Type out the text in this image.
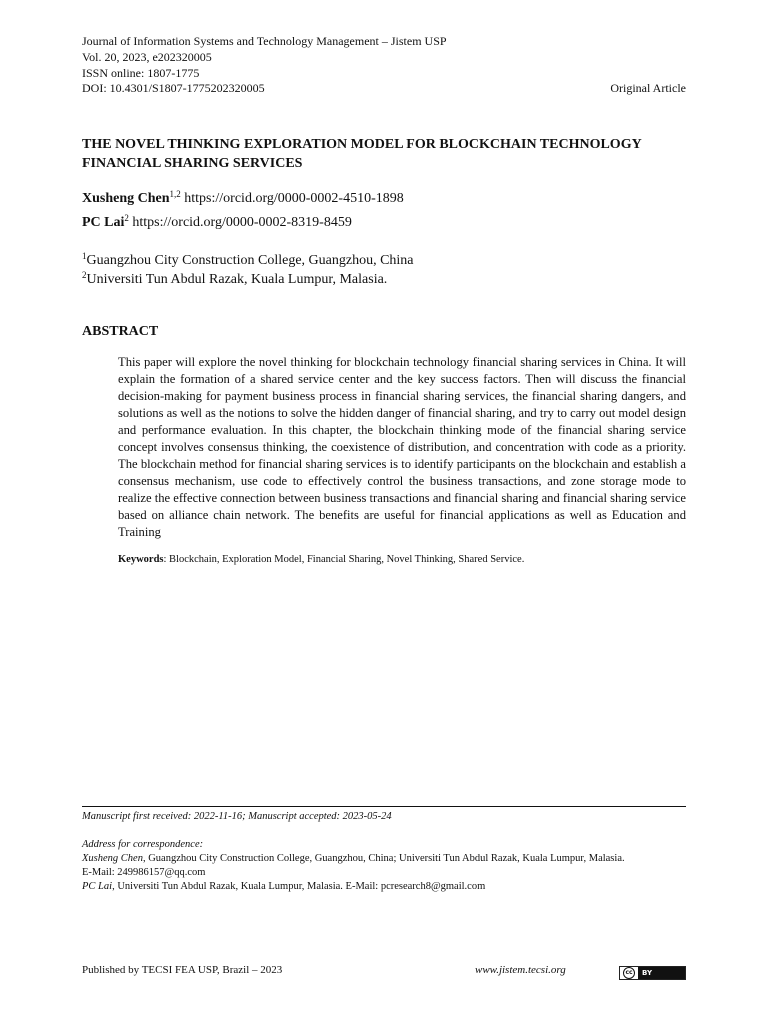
Journal of Information Systems and Technology Management – Jistem USP
Vol. 20, 2023, e202320005
ISSN online: 1807-1775
DOI: 10.4301/S1807-1775202320005	Original Article
THE NOVEL THINKING EXPLORATION MODEL FOR BLOCKCHAIN TECHNOLOGY FINANCIAL SHARING SERVICES
Xusheng Chen$^{1,2}$ https://orcid.org/0000-0002-4510-1898
PC Lai$^2$ https://orcid.org/0000-0002-8319-8459
$^1$Guangzhou City Construction College, Guangzhou, China
$^2$Universiti Tun Abdul Razak, Kuala Lumpur, Malasia.
ABSTRACT
This paper will explore the novel thinking for blockchain technology financial sharing services in China. It will explain the formation of a shared service center and the key success factors. Then will discuss the financial decision-making for payment business process in financial sharing services, the financial sharing dangers, and solutions as well as the notions to solve the hidden danger of financial sharing, and try to carry out model design and performance evaluation. In this chapter, the blockchain thinking mode of the financial sharing service concept involves consensus thinking, the coexistence of distribution, and concentration with code as a priority. The blockchain method for financial sharing services is to identify participants on the blockchain and establish a consensus mechanism, use code to effectively control the business transactions, and zone storage mode to realize the effective connection between business transactions and financial sharing and financial sharing service based on alliance chain network. The benefits are useful for financial applications as well as Education and Training
Keywords: Blockchain, Exploration Model, Financial Sharing, Novel Thinking, Shared Service.
Manuscript first received: 2022-11-16; Manuscript accepted: 2023-05-24
Address for correspondence:
Xusheng Chen, Guangzhou City Construction College, Guangzhou, China; Universiti Tun Abdul Razak, Kuala Lumpur, Malasia.
E-Mail: 249986157@qq.com
PC Lai, Universiti Tun Abdul Razak, Kuala Lumpur, Malasia. E-Mail: pcresearch8@gmail.com
Published by TECSI FEA USP, Brazil – 2023	www.jistem.tecsi.org	cc	BY
